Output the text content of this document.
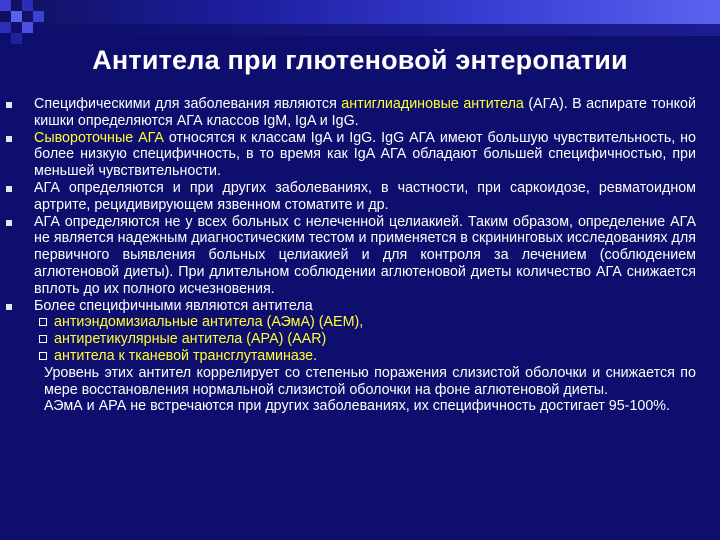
Антитела при глютеновой энтеропатии

Специфическими для заболевания являются антиглиадиновые антитела (АГА). В аспирате тонкой кишки определяются АГА классов IgM, IgA и IgG.

Сывороточные АГА относятся к классам IgA и IgG. IgG АГА имеют большую чувствительность, но более низкую специфичность, в то время как IgA АГА обладают большей специфичностью, при меньшей чувствительности.

АГА определяются и при других заболеваниях, в частности, при саркоидозе, ревматоидном артрите, рецидивирующем язвенном стоматите и др.

АГА определяются не у всех больных с нелеченной целиакией. Таким образом, определение АГА не является надежным диагностическим тестом и применяется в скрининговых исследованиях для первичного выявления больных целиакией и для контроля за лечением (соблюдением аглютеновой диеты). При длительном соблюдении аглютеновой диеты количество АГА снижается вплоть до их полного исчезновения.

Более специфичными являются антитела

антиэндомизиальные антитела (АЭмА) (AEM),

антиретикулярные антитела (АРА) (AAR)

антитела к тканевой трансглутаминазе.

Уровень этих антител коррелирует со степенью поражения слизистой оболочки и снижается по мере восстановления нормальной слизистой оболочки на фоне аглютеновой диеты.

АЭмА и АРА не встречаются при других заболеваниях, их специфичность достигает 95-100%.
